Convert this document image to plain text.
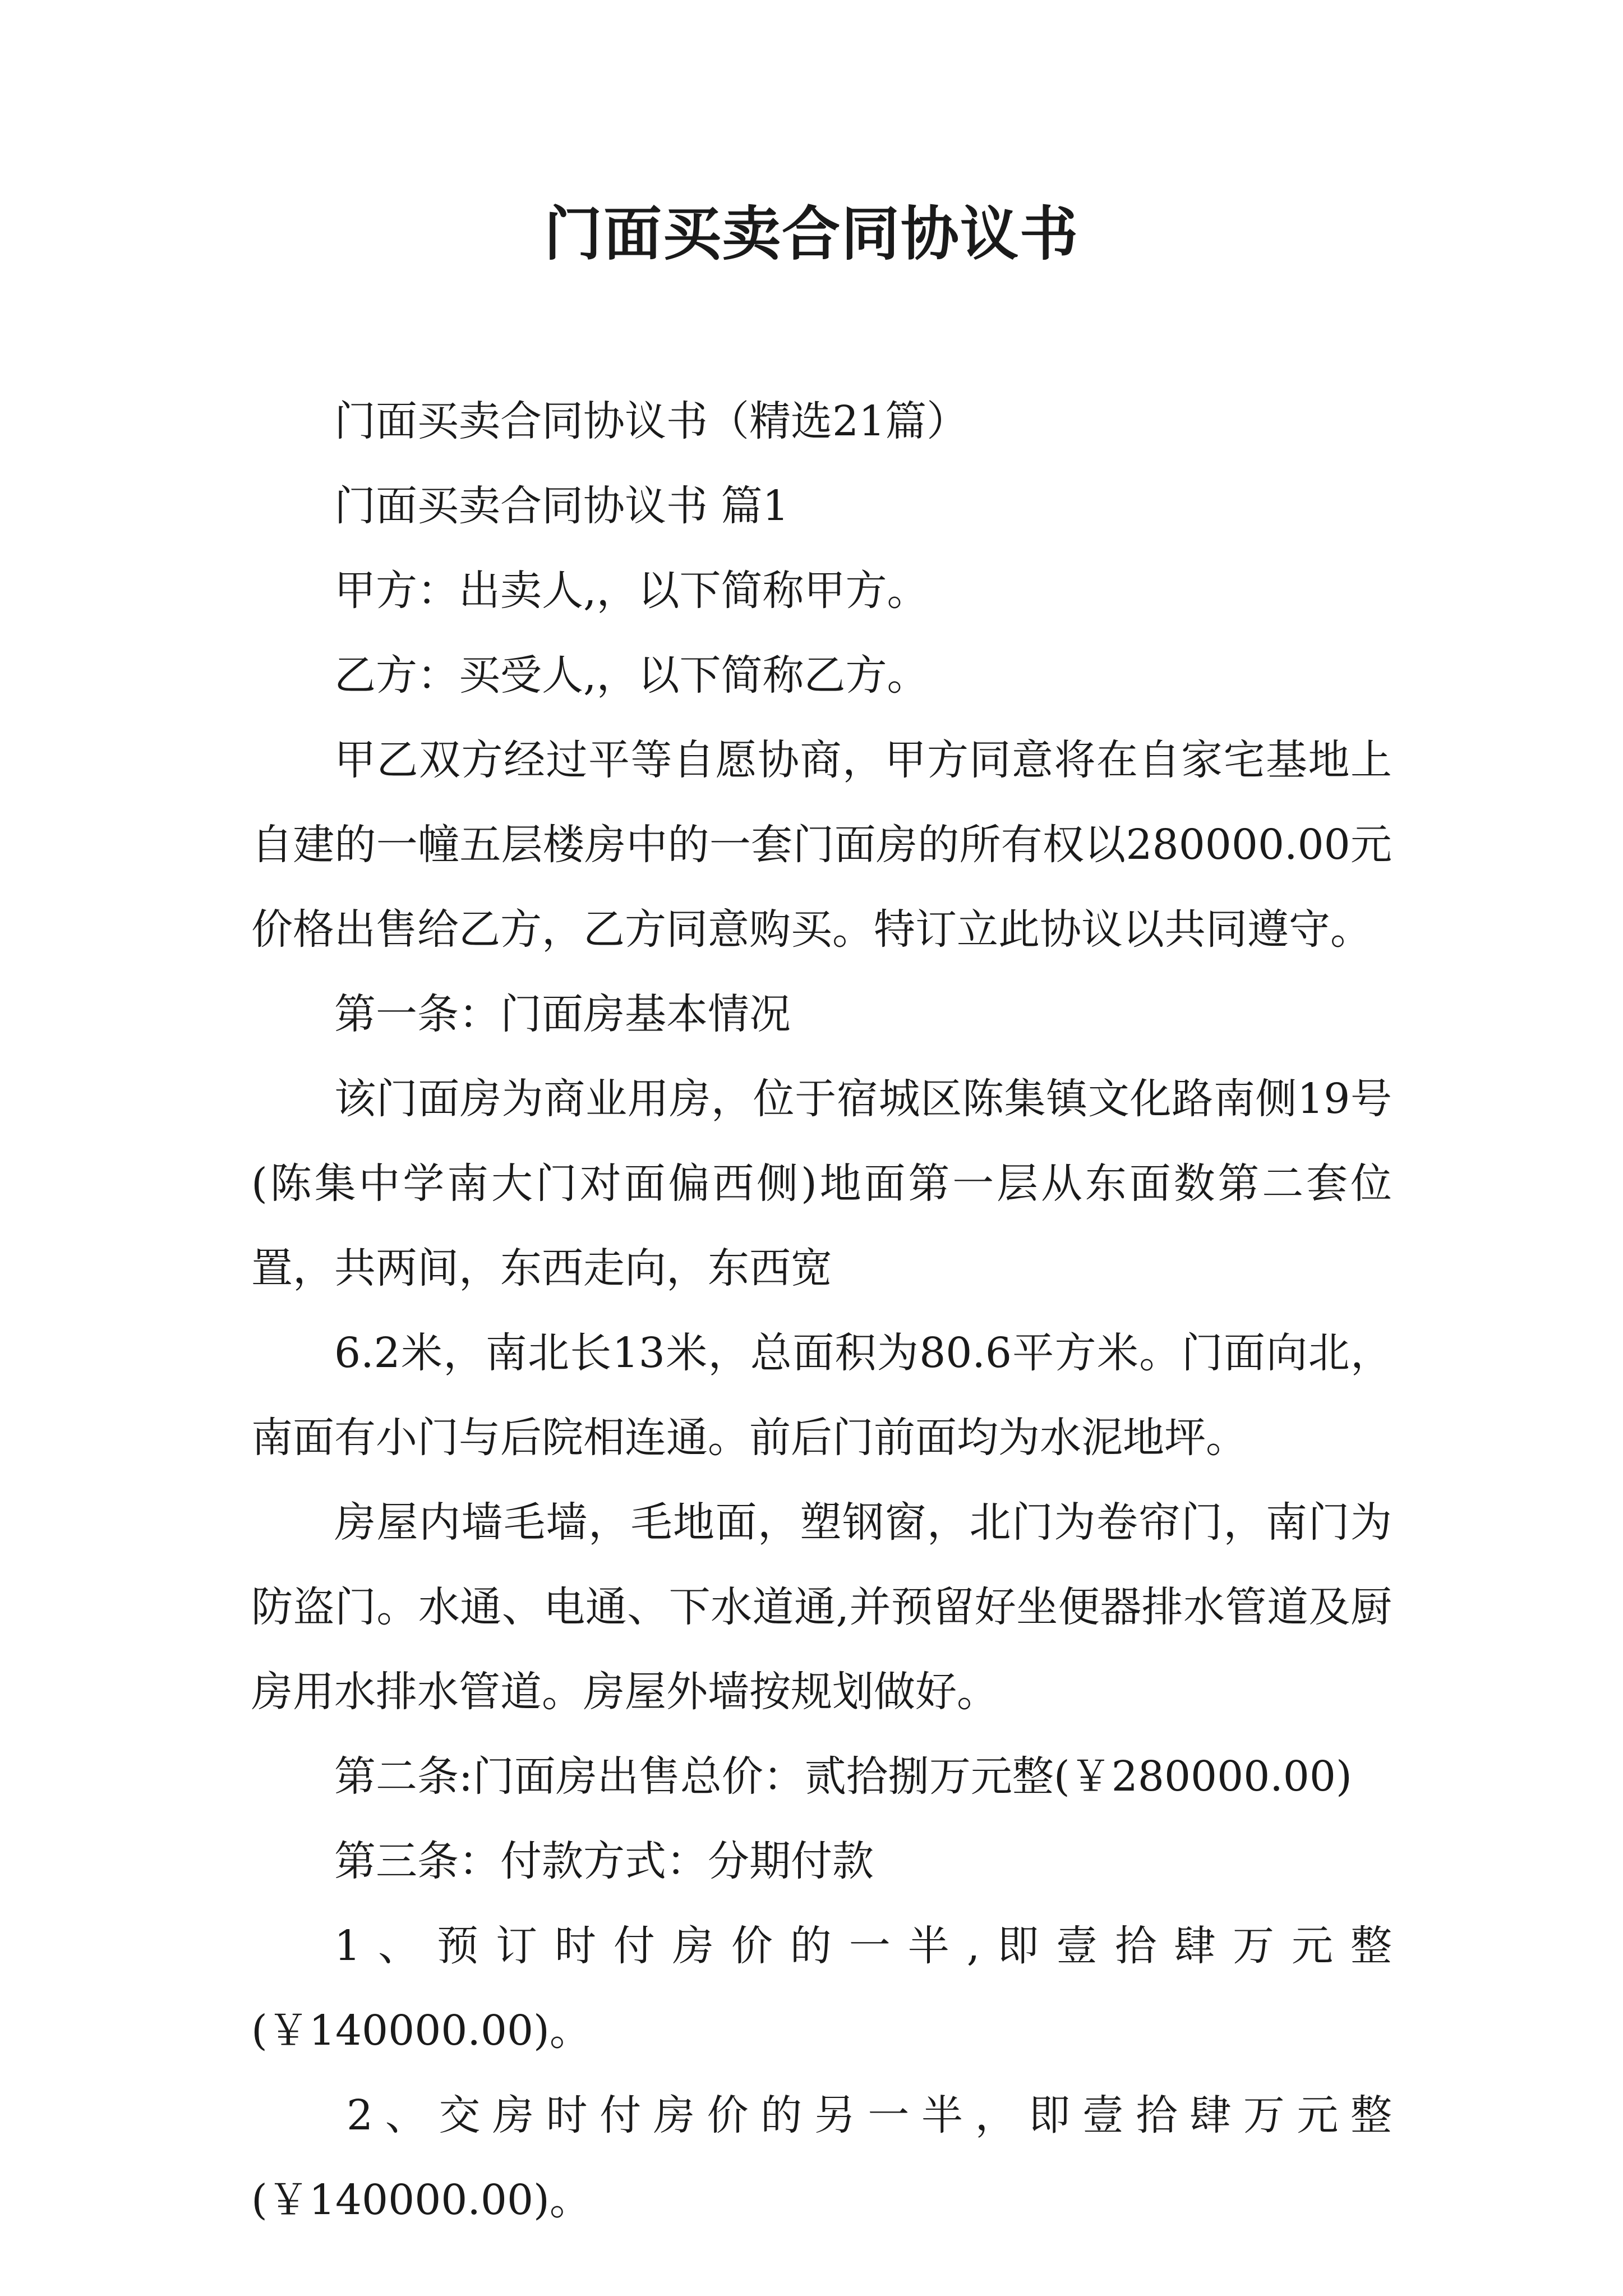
门面买卖合同协议书

门面买卖合同协议书（精选21篇）

门面买卖合同协议书 篇1

甲方：出卖人,，以下简称甲方。

乙方：买受人,，以下简称乙方。

甲乙双方经过平等自愿协商，甲方同意将在自家宅基地上自建的一幢五层楼房中的一套门面房的所有权以280000.00元价格出售给乙方，乙方同意购买。特订立此协议以共同遵守。

第一条：门面房基本情况

该门面房为商业用房，位于宿城区陈集镇文化路南侧19号(陈集中学南大门对面偏西侧)地面第一层从东面数第二套位置，共两间，东西走向，东西宽

6.2米，南北长13米，总面积为80.6平方米。门面向北，南面有小门与后院相连通。前后门前面均为水泥地坪。

房屋内墙毛墙，毛地面，塑钢窗，北门为卷帘门，南门为防盗门。水通、电通、下水道通,并预留好坐便器排水管道及厨房用水排水管道。房屋外墙按规划做好。

第二条:门面房出售总价：贰拾捌万元整(￥280000.00)

第三条：付款方式：分期付款

1、预订时付房价的一半,即壹拾肆万元整(￥140000.00)。

2、交房时付房价的另一半，即壹拾肆万元整(￥140000.00)。
